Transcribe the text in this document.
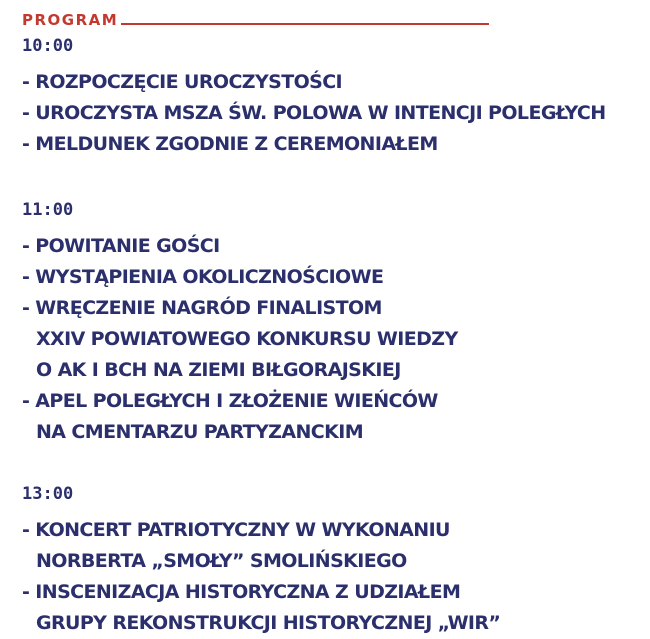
PROGRAM
10:00
- ROZPOCZĘCIE UROCZYSTOŚCI
- UROCZYSTA MSZA ŚW. POLOWA W INTENCJI POLEGŁYCH
- MELDUNEK ZGODNIE Z CEREMONIAŁEM
11:00
- POWITANIE GOŚCI
- WYSTĄPIENIA OKOLICZNOŚCIOWE
- WRĘCZENIE NAGRÓD FINALISTOM
XXIV POWIATOWEGO KONKURSU WIEDZY
O AK I BCH NA ZIEMI BIŁGORAJSKIEJ
- APEL POLEGŁYCH I ZŁOŻENIE WIEŃCÓW
NA CMENTARZU PARTYZANCKIM
13:00
- KONCERT PATRIOTYCZNY W WYKONANIU
NORBERTA „SMOŁY” SMOLIŃSKIEGO
- INSCENIZACJA HISTORYCZNA Z UDZIAŁEM
GRUPY REKONSTRUKCJI HISTORYCZNEJ „WIR”
